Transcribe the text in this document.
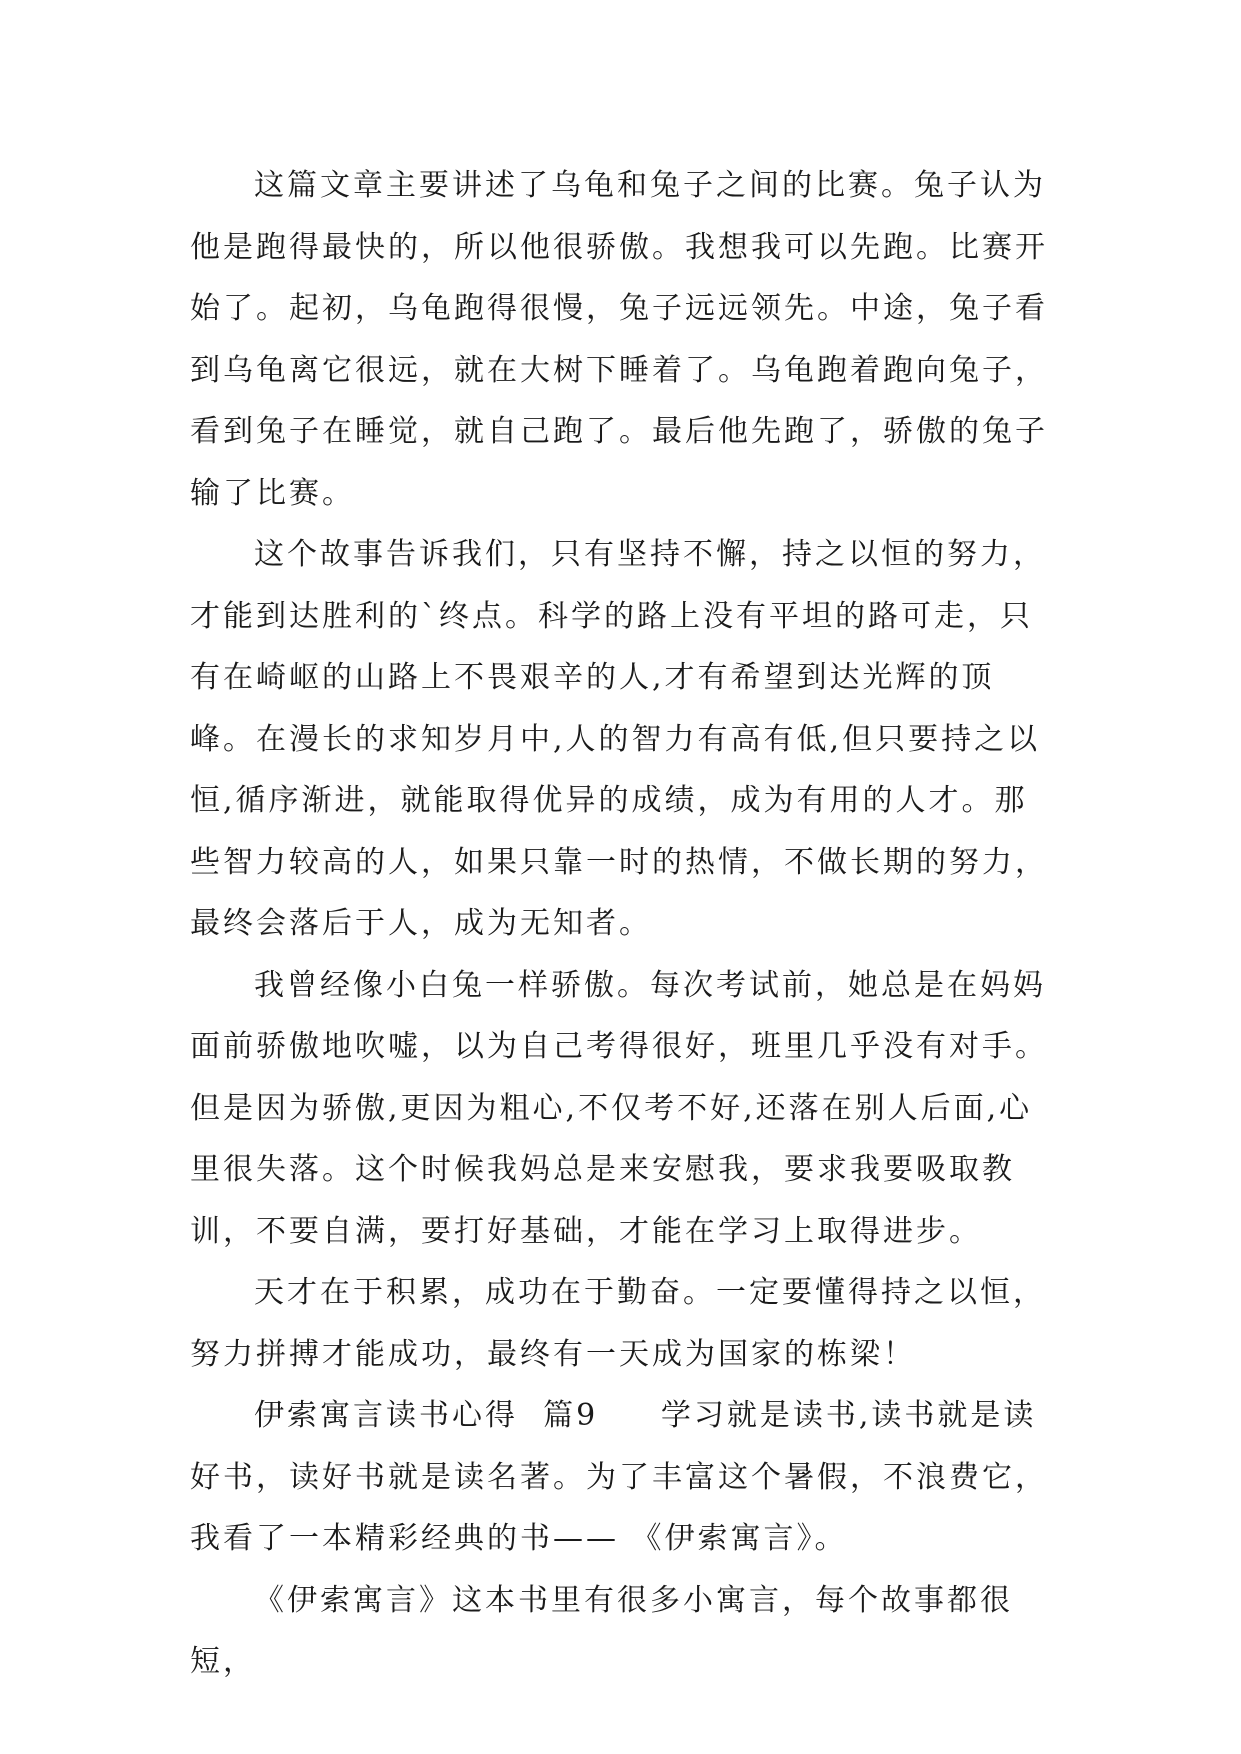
这篇文章主要讲述了乌龟和兔子之间的比赛。兔子认为他是跑得最快的，所以他很骄傲。我想我可以先跑。比赛开始了。起初，乌龟跑得很慢，兔子远远领先。中途，兔子看到乌龟离它很远，就在大树下睡着了。乌龟跑着跑向兔子，看到兔子在睡觉，就自己跑了。最后他先跑了，骄傲的兔子输了比赛。

这个故事告诉我们，只有坚持不懈，持之以恒的努力，才能到达胜利的`终点。科学的路上没有平坦的路可走，只有在崎岖的山路上不畏艰辛的人,才有希望到达光辉的顶峰。在漫长的求知岁月中,人的智力有高有低,但只要持之以恒,循序渐进，就能取得优异的成绩，成为有用的人才。那些智力较高的人，如果只靠一时的热情，不做长期的努力，最终会落后于人，成为无知者。

我曾经像小白兔一样骄傲。每次考试前，她总是在妈妈面前骄傲地吹嘘，以为自己考得很好，班里几乎没有对手。但是因为骄傲,更因为粗心,不仅考不好,还落在别人后面,心里很失落。这个时候我妈总是来安慰我，要求我要吸取教训，不要自满，要打好基础，才能在学习上取得进步。

天才在于积累，成功在于勤奋。一定要懂得持之以恒，努力拼搏才能成功，最终有一天成为国家的栋梁！

伊索寓言读书心得  篇9     学习就是读书,读书就是读好书，读好书就是读名著。为了丰富这个暑假，不浪费它，我看了一本精彩经典的书—— 《伊索寓言》。

《伊索寓言》这本书里有很多小寓言，每个故事都很短，
